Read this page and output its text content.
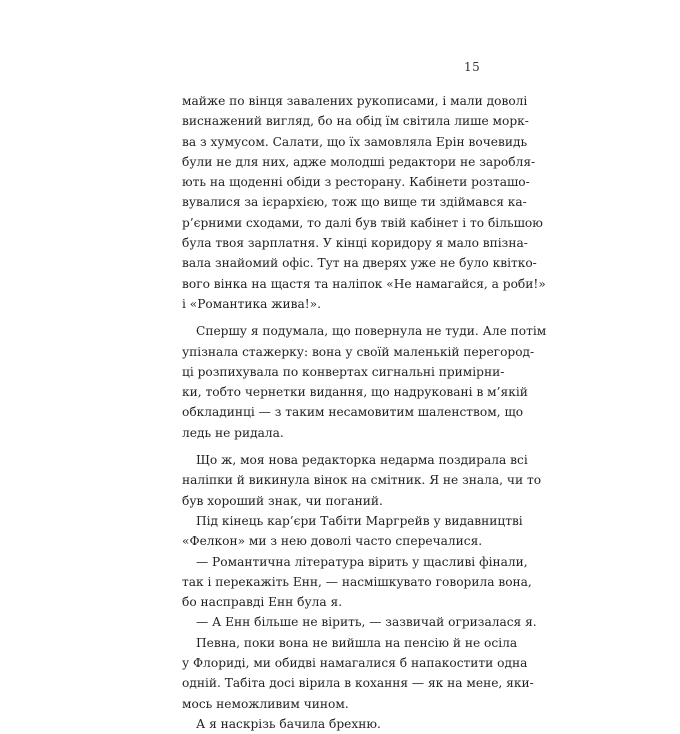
15
майже по вінця завалених рукописами, і мали доволі
виснажений вигляд, бо на обід їм світила лише морк-
ва з хумусом. Салати, що їх замовляла Ерін вочевидь
були не для них, адже молодші редактори не заробля-
ють на щоденні обіди з ресторану. Кабінети розташо-
вувалися за ієрархією, тож що вище ти здіймався ка-
р’єрними сходами, то далі був твій кабінет і то більшою
була твоя зарплатня. У кінці коридору я мало впізна-
вала знайомий офіс. Тут на дверях уже не було квітко-
вого вінка на щастя та наліпок «Не намагайся, а роби!»
і «Романтика жива!».
Спершу я подумала, що повернула не туди. Але потім
упізнала стажерку: вона у своїй маленькій перегород-
ці розпихувала по конвертах сигнальні примірни-
ки, тобто чернетки видання, що надруковані в м’якій
обкладинці — з таким несамовитим шаленством, що
ледь не ридала.
Що ж, моя нова редакторка недарма поздирала всі
наліпки й викинула вінок на смітник. Я не знала, чи то
був хороший знак, чи поганий.
Під кінець кар’єри Табіти Маргрейв у видавництві
«Фелкон» ми з нею доволі часто сперечалися.
— Романтична література вірить у щасливі фінали,
так і перекажіть Енн, — насмішкувато говорила вона,
бо насправді Енн була я.
— А Енн більше не вірить, — зазвичай огризалася я.
Певна, поки вона не вийшла на пенсію й не осіла
у Флориді, ми обидві намагалися б напакостити одна
одній. Табіта досі вірила в кохання — як на мене, яки-
мось неможливим чином.
А я наскрізь бачила брехню.
